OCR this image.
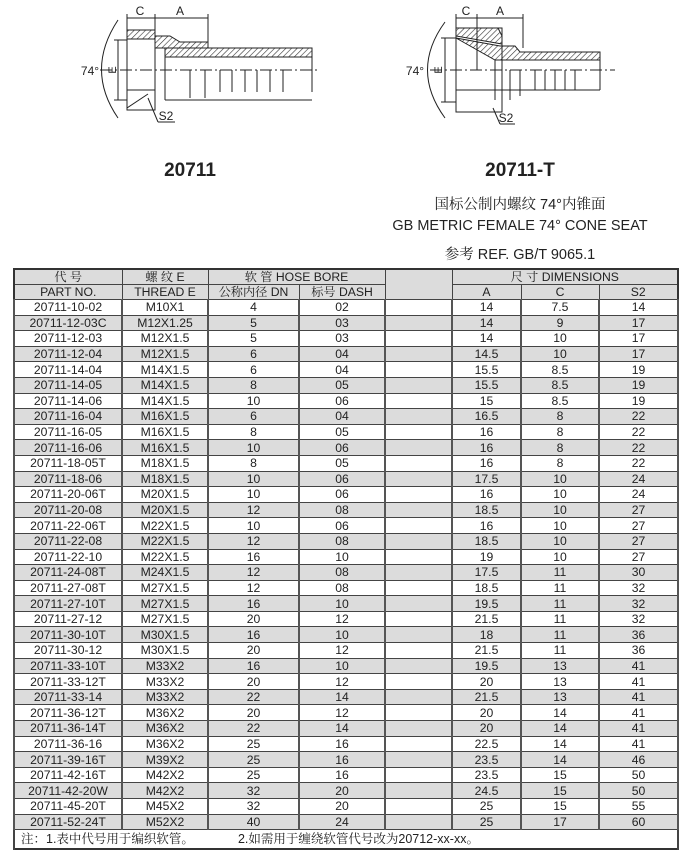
C	A
74° E
S2
C A
74° E
S2
20711	20711-T
国标公制内螺纹 74°内锥面
GB METRIC FEMALE 74° CONE SEAT
参考 REF. GB/T 9065.1
代 号	螺 纹 E	软 管 HOSE BORE			尺 寸 DIMENSIONS		
PART NO.	THREAD E	公称内径 DN	标号 DASH		A	C	S2
20711-10-02	M10X1	4	02		14	7.5	14
20711-12-03C	M12X1.25	5	03		14	9	17
20711-12-03	M12X1.5	5	03		14	10	17
20711-12-04	M12X1.5	6	04		14.5	10	17
20711-14-04	M14X1.5	6	04		15.5	8.5	19
20711-14-05	M14X1.5	8	05		15.5	8.5	19
20711-14-06	M14X1.5	10	06		15	8.5	19
20711-16-04	M16X1.5	6	04		16.5	8	22
20711-16-05	M16X1.5	8	05		16	8	22
20711-16-06	M16X1.5	10	06		16	8	22
20711-18-05T	M18X1.5	8	05		16	8	22
20711-18-06	M18X1.5	10	06		17.5	10	24
20711-20-06T	M20X1.5	10	06		16	10	24
20711-20-08	M20X1.5	12	08		18.5	10	27
20711-22-06T	M22X1.5	10	06		16	10	27
20711-22-08	M22X1.5	12	08		18.5	10	27
20711-22-10	M22X1.5	16	10		19	10	27
20711-24-08T	M24X1.5	12	08		17.5	11	30
20711-27-08T	M27X1.5	12	08		18.5	11	32
20711-27-10T	M27X1.5	16	10		19.5	11	32
20711-27-12	M27X1.5	20	12		21.5	11	32
20711-30-10T	M30X1.5	16	10		18	11	36
20711-30-12	M30X1.5	20	12		21.5	11	36
20711-33-10T	M33X2	16	10		19.5	13	41
20711-33-12T	M33X2	20	12		20	13	41
20711-33-14	M33X2	22	14		21.5	13	41
20711-36-12T	M36X2	20	12		20	14	41
20711-36-14T	M36X2	22	14		20	14	41
20711-36-16	M36X2	25	16		22.5	14	41
20711-39-16T	M39X2	25	16		23.5	14	46
20711-42-16T	M42X2	25	16		23.5	15	50
20711-42-20W	M42X2	32	20		24.5	15	50
20711-45-20T	M45X2	32	20		25	15	55
20711-52-24T	M52X2	40	24		25	17	60
注：1.表中代号用于编织软管。 2.如需用于缠绕软管代号改为20712-xx-xx。							
